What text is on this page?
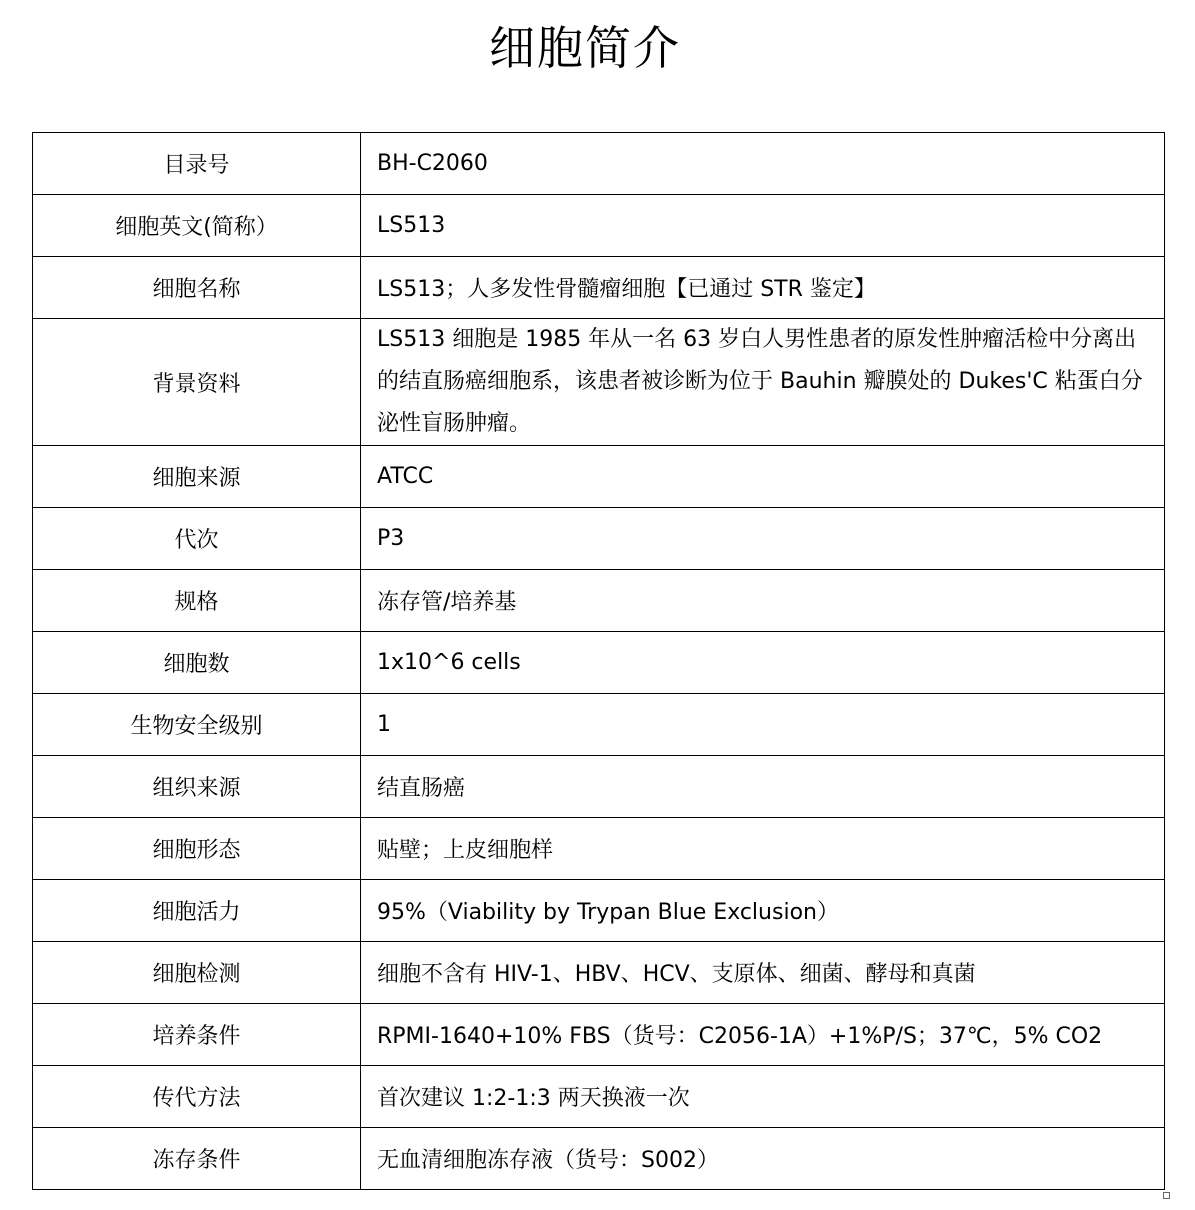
细胞简介
目录号	BH-C2060
细胞英文(简称）	LS513
细胞名称	LS513；人多发性骨髓瘤细胞【已通过 STR 鉴定】
背景资料	LS513 细胞是 1985 年从一名 63 岁白人男性患者的原发性肿瘤活检中分离出的结直肠癌细胞系，该患者被诊断为位于 Bauhin 瓣膜处的 Dukes'C 粘蛋白分泌性盲肠肿瘤。
细胞来源	ATCC
代次	P3
规格	冻存管/培养基
细胞数	1x10^6 cells
生物安全级别	1
组织来源	结直肠癌
细胞形态	贴壁；上皮细胞样
细胞活力	95%（Viability by Trypan Blue Exclusion）
细胞检测	细胞不含有 HIV-1、HBV、HCV、支原体、细菌、酵母和真菌
培养条件	RPMI-1640+10% FBS（货号：C2056-1A）+1%P/S；37℃，5% CO2
传代方法	首次建议 1:2-1:3 两天换液一次
冻存条件	无血清细胞冻存液（货号：S002）
